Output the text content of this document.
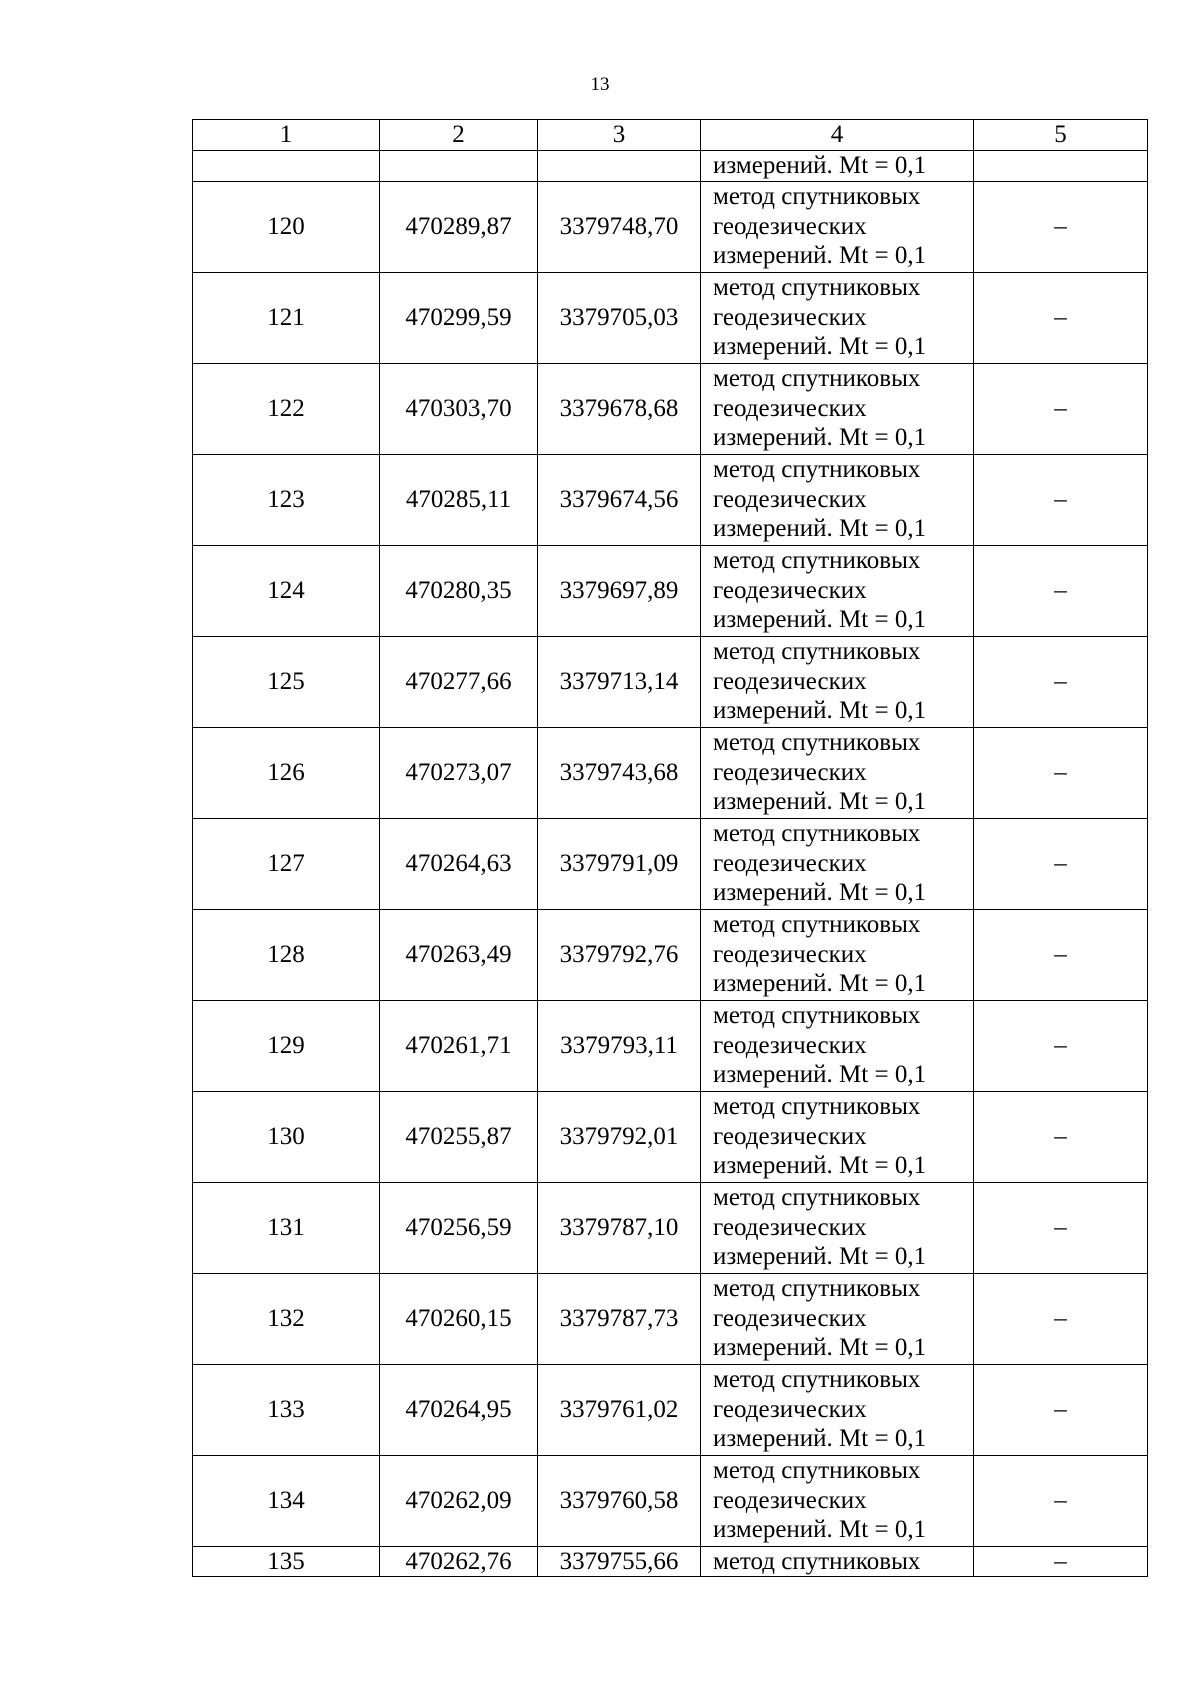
13
1	2	3	4	5
			измерений. Mt = 0,1	
120	470289,87	3379748,70	метод спутниковых
геодезических
измерений. Mt = 0,1	–
121	470299,59	3379705,03	метод спутниковых
геодезических
измерений. Mt = 0,1	–
122	470303,70	3379678,68	метод спутниковых
геодезических
измерений. Mt = 0,1	–
123	470285,11	3379674,56	метод спутниковых
геодезических
измерений. Mt = 0,1	–
124	470280,35	3379697,89	метод спутниковых
геодезических
измерений. Mt = 0,1	–
125	470277,66	3379713,14	метод спутниковых
геодезических
измерений. Mt = 0,1	–
126	470273,07	3379743,68	метод спутниковых
геодезических
измерений. Mt = 0,1	–
127	470264,63	3379791,09	метод спутниковых
геодезических
измерений. Mt = 0,1	–
128	470263,49	3379792,76	метод спутниковых
геодезических
измерений. Mt = 0,1	–
129	470261,71	3379793,11	метод спутниковых
геодезических
измерений. Mt = 0,1	–
130	470255,87	3379792,01	метод спутниковых
геодезических
измерений. Mt = 0,1	–
131	470256,59	3379787,10	метод спутниковых
геодезических
измерений. Mt = 0,1	–
132	470260,15	3379787,73	метод спутниковых
геодезических
измерений. Mt = 0,1	–
133	470264,95	3379761,02	метод спутниковых
геодезических
измерений. Mt = 0,1	–
134	470262,09	3379760,58	метод спутниковых
геодезических
измерений. Mt = 0,1	–
135	470262,76	3379755,66	метод спутниковых	–
